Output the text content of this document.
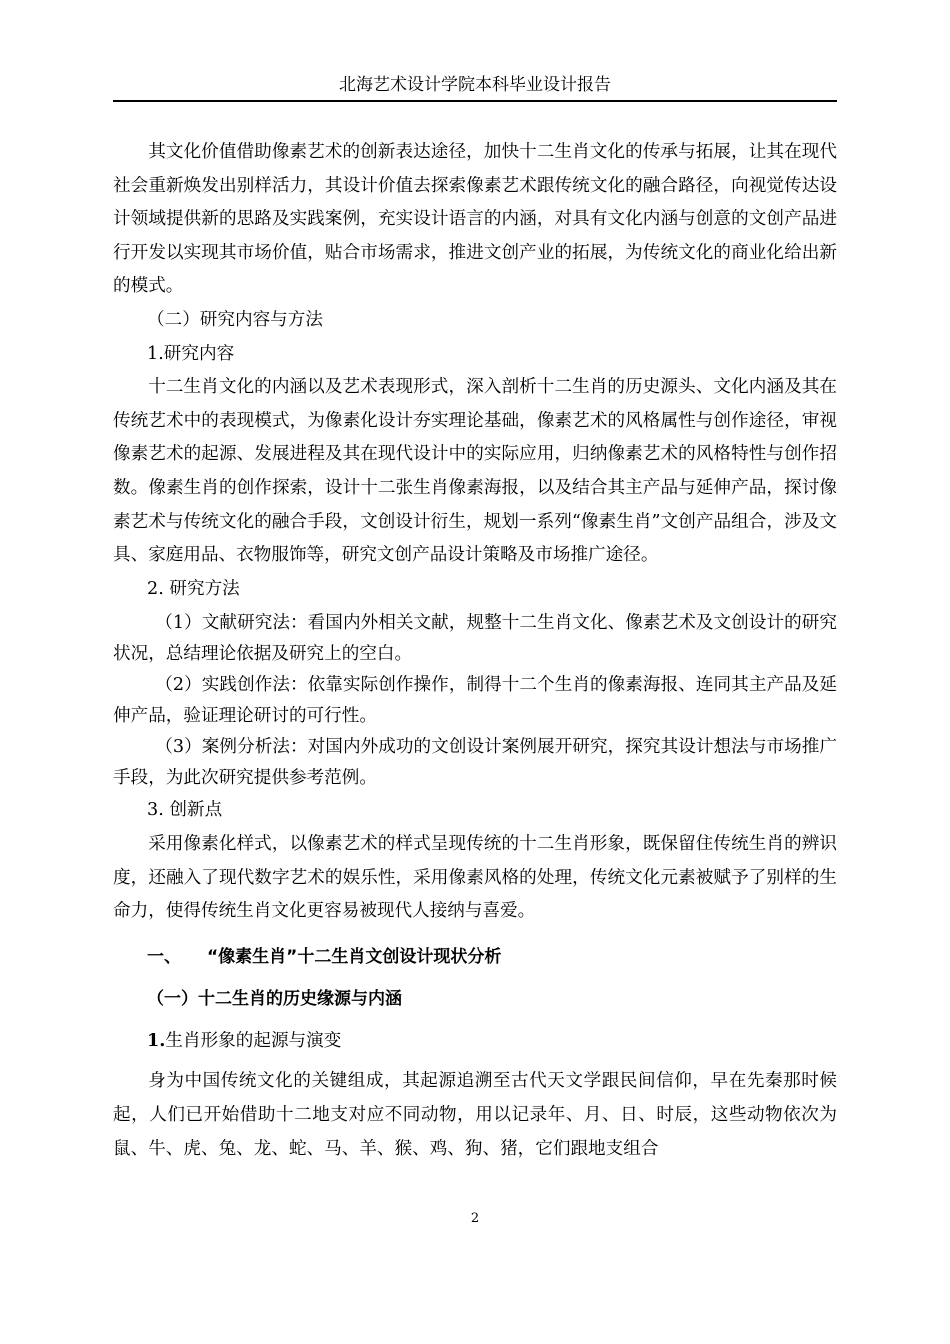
北海艺术设计学院本科毕业设计报告

其文化价值借助像素艺术的创新表达途径，加快十二生肖文化的传承与拓展，让其在现代社会重新焕发出别样活力，其设计价值去探索像素艺术跟传统文化的融合路径，向视觉传达设计领域提供新的思路及实践案例，充实设计语言的内涵，对具有文化内涵与创意的文创产品进行开发以实现其市场价值，贴合市场需求，推进文创产业的拓展，为传统文化的商业化给出新的模式。

（二）研究内容与方法

1.研究内容

十二生肖文化的内涵以及艺术表现形式，深入剖析十二生肖的历史源头、文化内涵及其在传统艺术中的表现模式，为像素化设计夯实理论基础，像素艺术的风格属性与创作途径，审视像素艺术的起源、发展进程及其在现代设计中的实际应用，归纳像素艺术的风格特性与创作招数。像素生肖的创作探索，设计十二张生肖像素海报，以及结合其主产品与延伸产品，探讨像素艺术与传统文化的融合手段，文创设计衍生，规划一系列“像素生肖”文创产品组合，涉及文具、家庭用品、衣物服饰等，研究文创产品设计策略及市场推广途径。

2. 研究方法

（1）文献研究法：看国内外相关文献，规整十二生肖文化、像素艺术及文创设计的研究状况，总结理论依据及研究上的空白。

（2）实践创作法：依靠实际创作操作，制得十二个生肖的像素海报、连同其主产品及延伸产品，验证理论研讨的可行性。

（3）案例分析法：对国内外成功的文创设计案例展开研究，探究其设计想法与市场推广手段，为此次研究提供参考范例。

3. 创新点

采用像素化样式，以像素艺术的样式呈现传统的十二生肖形象，既保留住传统生肖的辨识度，还融入了现代数字艺术的娱乐性，采用像素风格的处理，传统文化元素被赋予了别样的生命力，使得传统生肖文化更容易被现代人接纳与喜爱。

一、 “像素生肖”十二生肖文创设计现状分析

（一）十二生肖的历史缘源与内涵

1.生肖形象的起源与演变

身为中国传统文化的关键组成，其起源追溯至古代天文学跟民间信仰，早在先秦那时候起，人们已开始借助十二地支对应不同动物，用以记录年、月、日、时辰，这些动物依次为鼠、牛、虎、兔、龙、蛇、马、羊、猴、鸡、狗、猪，它们跟地支组合

2
